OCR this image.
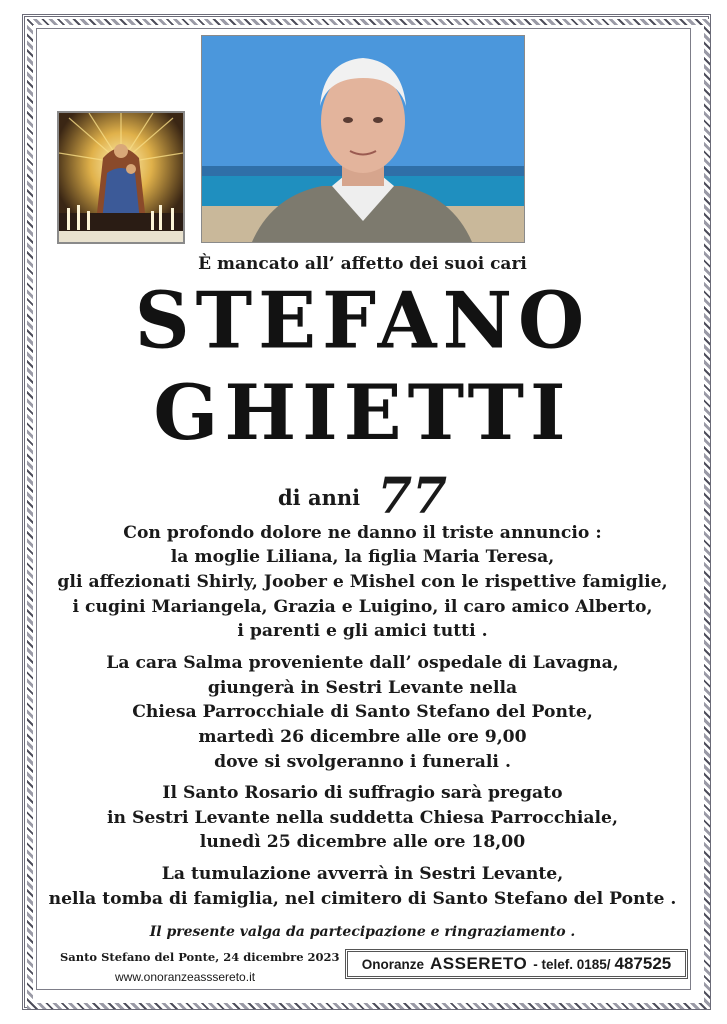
È mancato all’ affetto dei suoi cari
STEFANO
GHIETTI
di anni 77
Con profondo dolore ne danno il triste annuncio :
la moglie Liliana, la figlia Maria Teresa,
gli affezionati Shirly, Joober e Mishel con le rispettive famiglie,
i cugini Mariangela, Grazia e Luigino, il caro amico Alberto,
i parenti e gli amici tutti .
La cara Salma proveniente dall’ ospedale di Lavagna,
giungerà in Sestri Levante nella
Chiesa Parrocchiale di Santo Stefano del Ponte,
martedì 26 dicembre alle ore 9,00
dove si svolgeranno i funerali .
Il Santo Rosario di suffragio sarà pregato
in Sestri Levante nella suddetta Chiesa Parrocchiale,
lunedì 25 dicembre alle ore 18,00
La tumulazione avverrà in Sestri Levante,
nella tomba di famiglia, nel cimitero di Santo Stefano del Ponte .
Il presente valga da partecipazione e ringraziamento .
Santo Stefano del Ponte, 24 dicembre 2023
www.onoranzeasssereto.it
Onoranze ASSERETO - telef. 0185/ 487525
